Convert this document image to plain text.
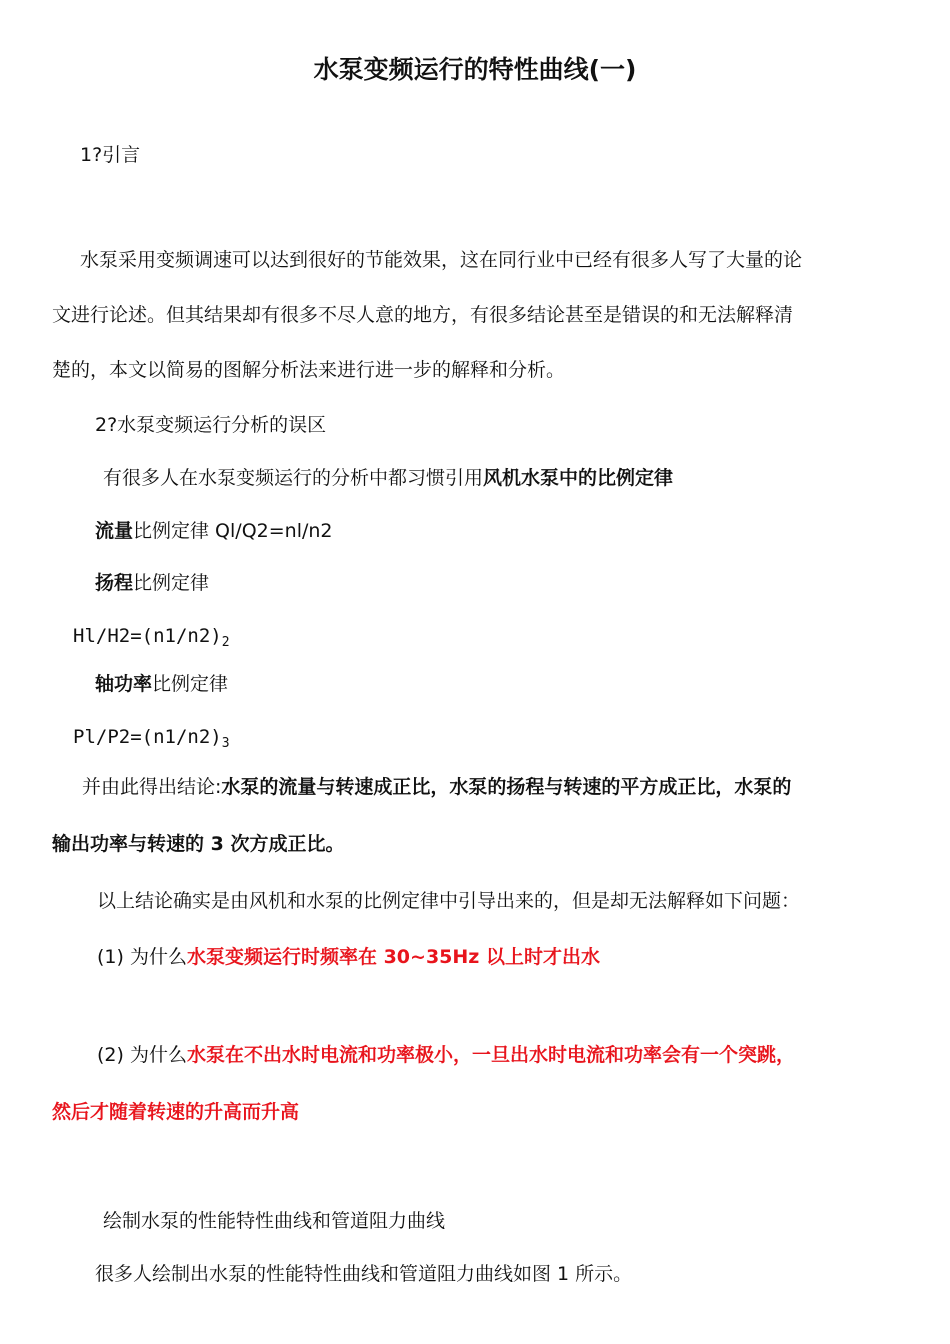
水泵变频运行的特性曲线(一)
1?引言
水泵采用变频调速可以达到很好的节能效果，这在同行业中已经有很多人写了大量的论
文进行论述。但其结果却有很多不尽人意的地方，有很多结论甚至是错误的和无法解释清
楚的，本文以简易的图解分析法来进行进一步的解释和分析。
2?水泵变频运行分析的误区
有很多人在水泵变频运行的分析中都习惯引用风机水泵中的比例定律
流量比例定律 Ql/Q2=nl/n2
扬程比例定律
$Hl/H2=(n1/n2)_2$
轴功率比例定律
$Pl/P2=(n1/n2)_3$
并由此得出结论:水泵的流量与转速成正比，水泵的扬程与转速的平方成正比，水泵的
输出功率与转速的 3 次方成正比。
以上结论确实是由风机和水泵的比例定律中引导出来的，但是却无法解释如下问题：
(1) 为什么水泵变频运行时频率在 30~35Hz 以上时才出水
(2) 为什么水泵在不出水时电流和功率极小，一旦出水时电流和功率会有一个突跳，
然后才随着转速的升高而升高
绘制水泵的性能特性曲线和管道阻力曲线
很多人绘制出水泵的性能特性曲线和管道阻力曲线如图 1 所示。
